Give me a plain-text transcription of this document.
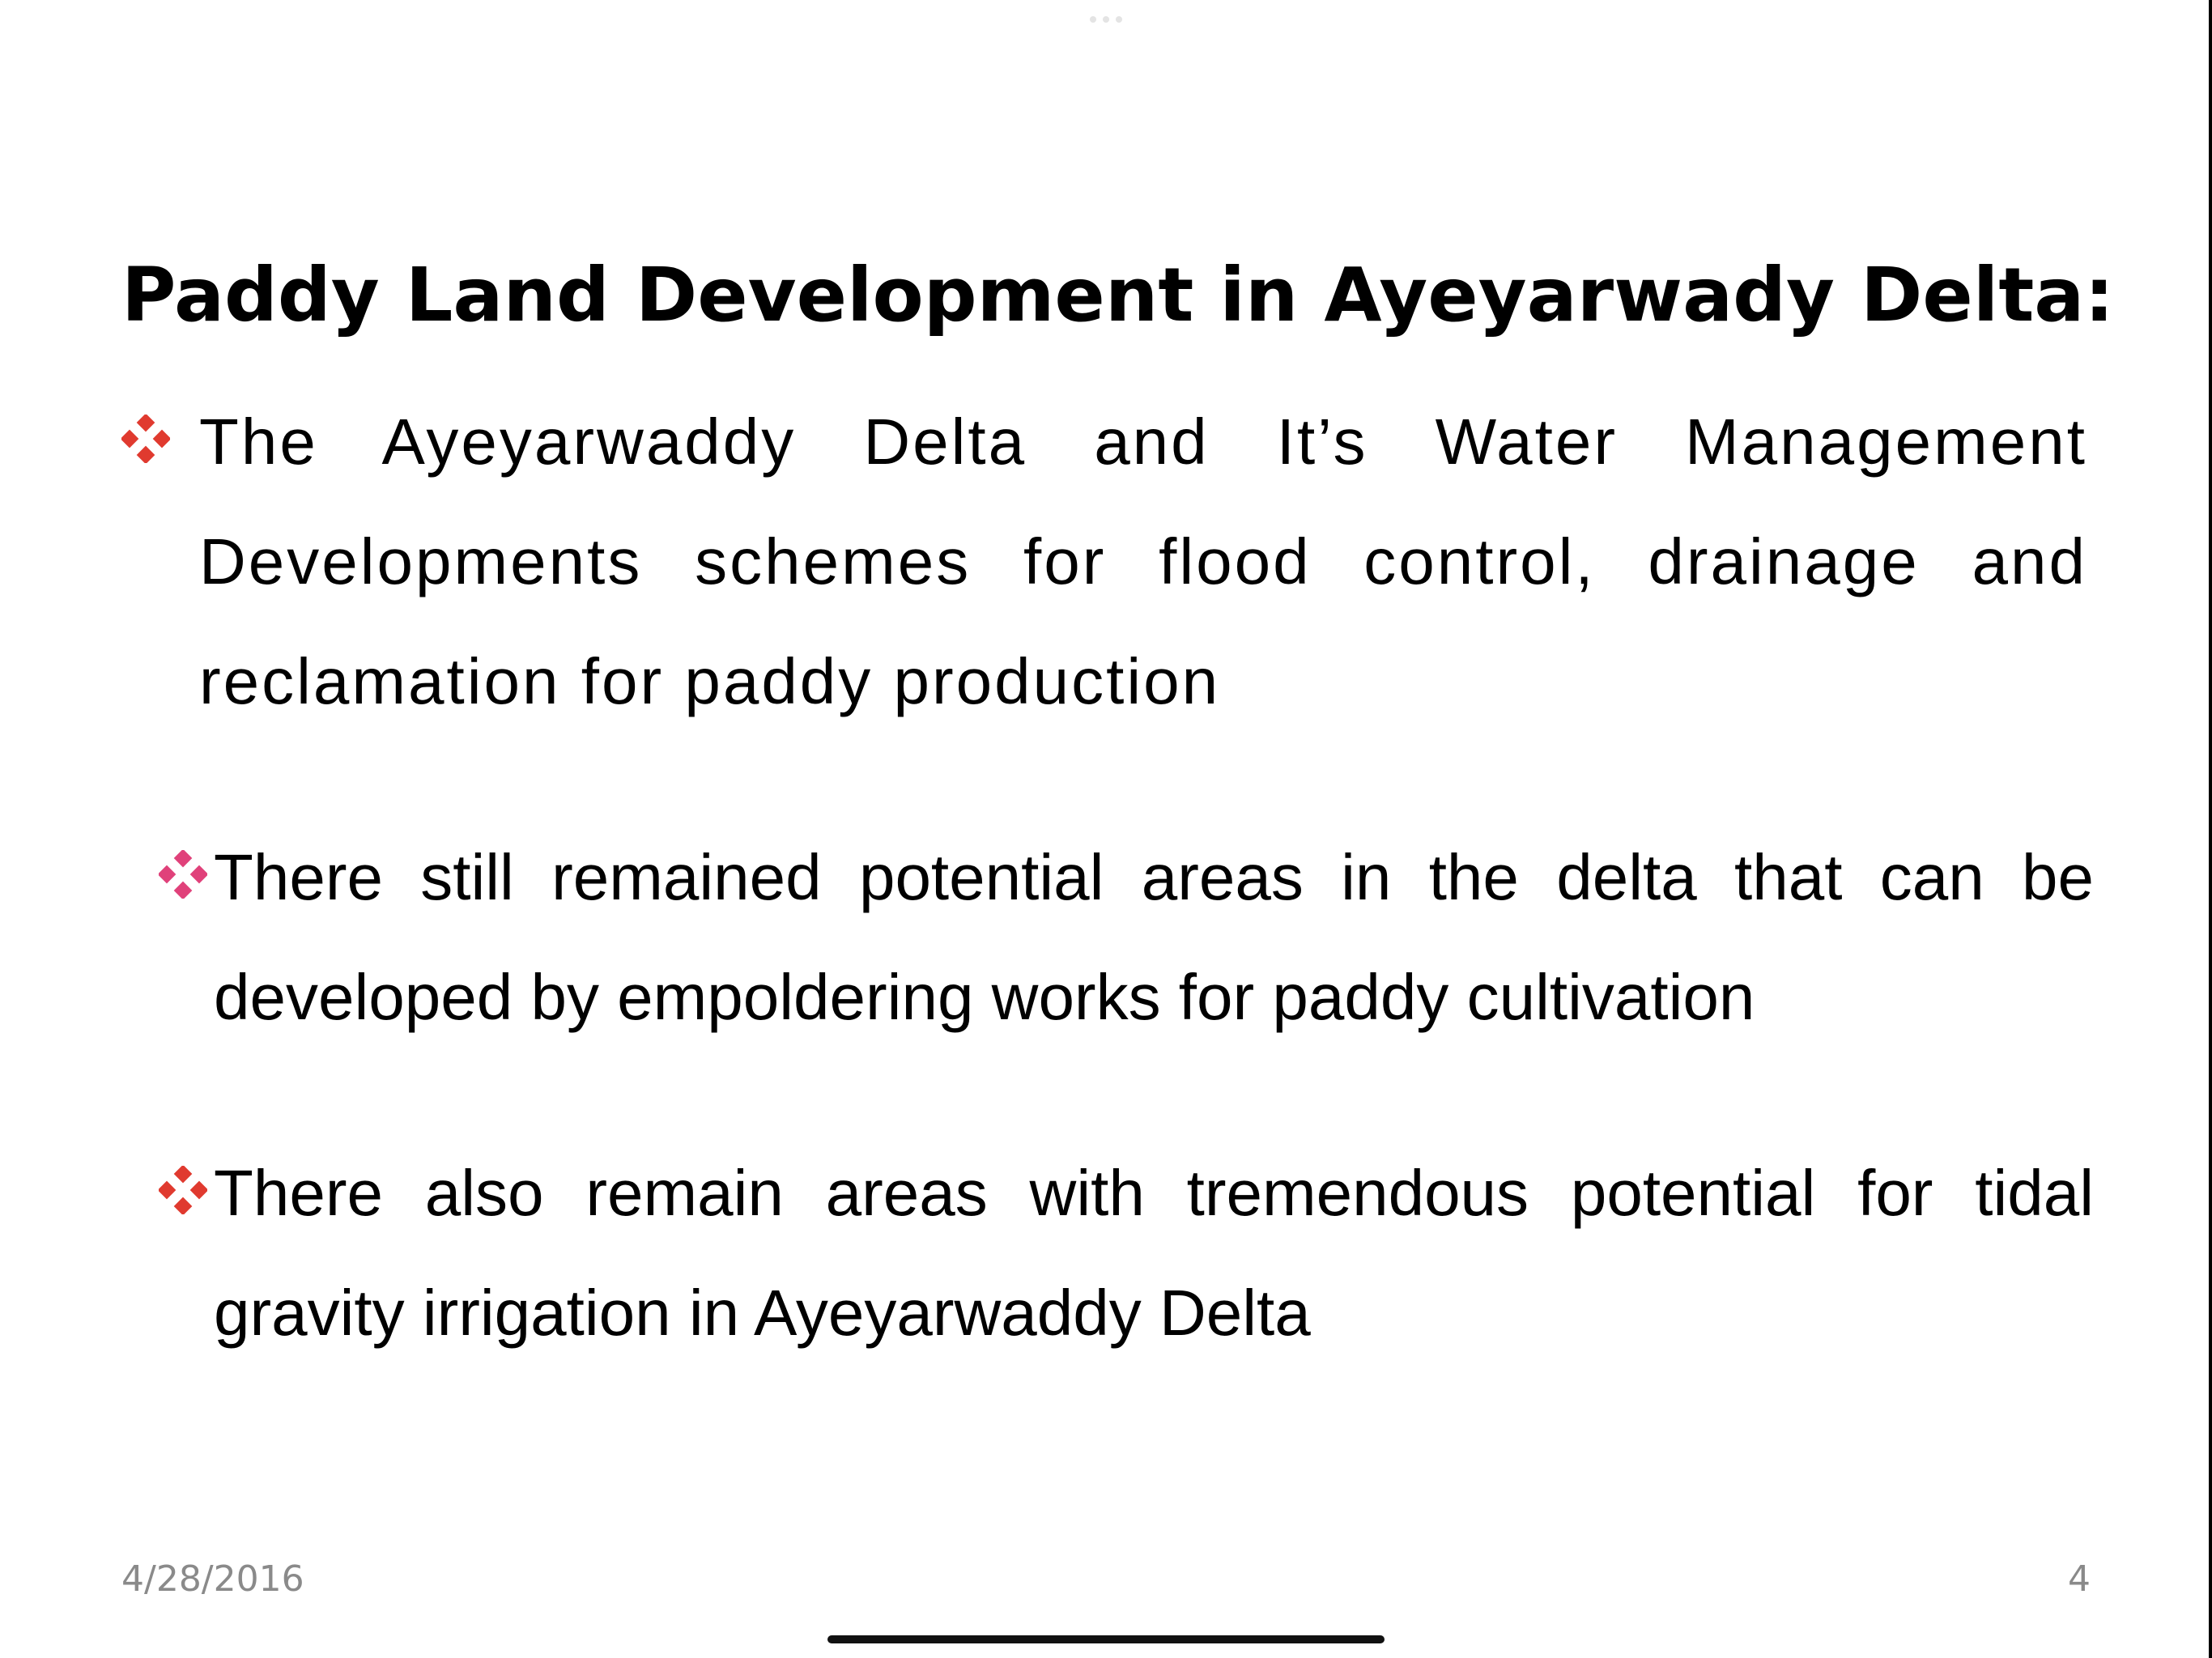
Paddy Land Development in Ayeyarwady Delta:
The Ayeyarwaddy Delta and It’s Water Management Developments schemes for flood control, drainage and reclamation for paddy production
There still remained potential areas in the delta that can be developed by empoldering works for paddy cultivation
There also remain areas with tremendous potential for tidal gravity irrigation in Ayeyarwaddy Delta
4/28/2016	4
